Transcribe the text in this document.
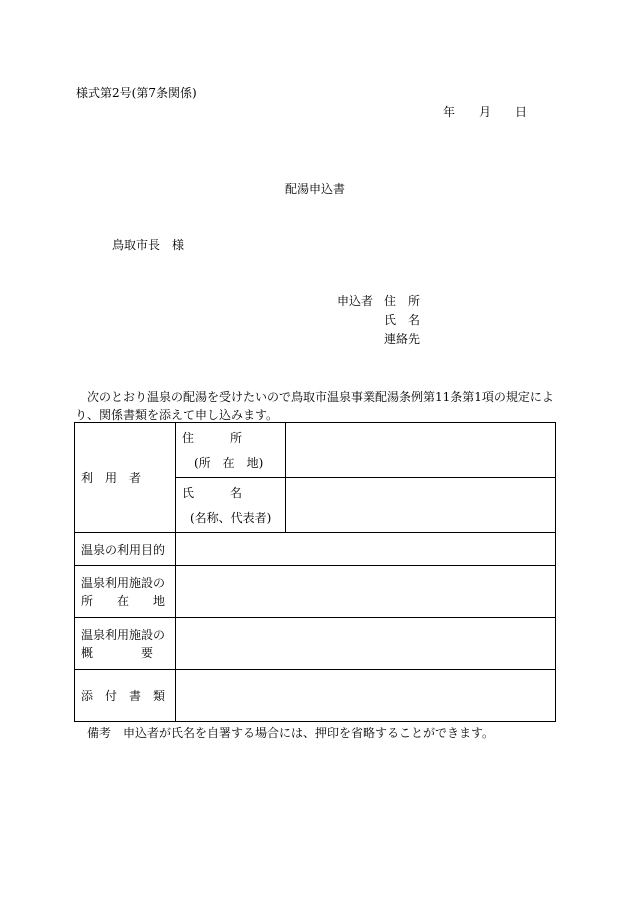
様式第2号(第7条関係)
年 月 日
配湯申込書
鳥取市長　様
申込者 住　所
氏　名
連絡先
　次のとおり温泉の配湯を受けたいので鳥取市温泉事業配湯条例第11条第1項の規定により、関係書類を添えて申し込みます。
利　用　者	住　　　所
(所　在　地)	

	氏　　　名
(名称、代表者)	

温泉の利用目的		

温泉利用施設の
所　　在　　地		

温泉利用施設の
概　　　　要		

添　付　書　類		
備考　申込者が氏名を自署する場合には、押印を省略することができます。
